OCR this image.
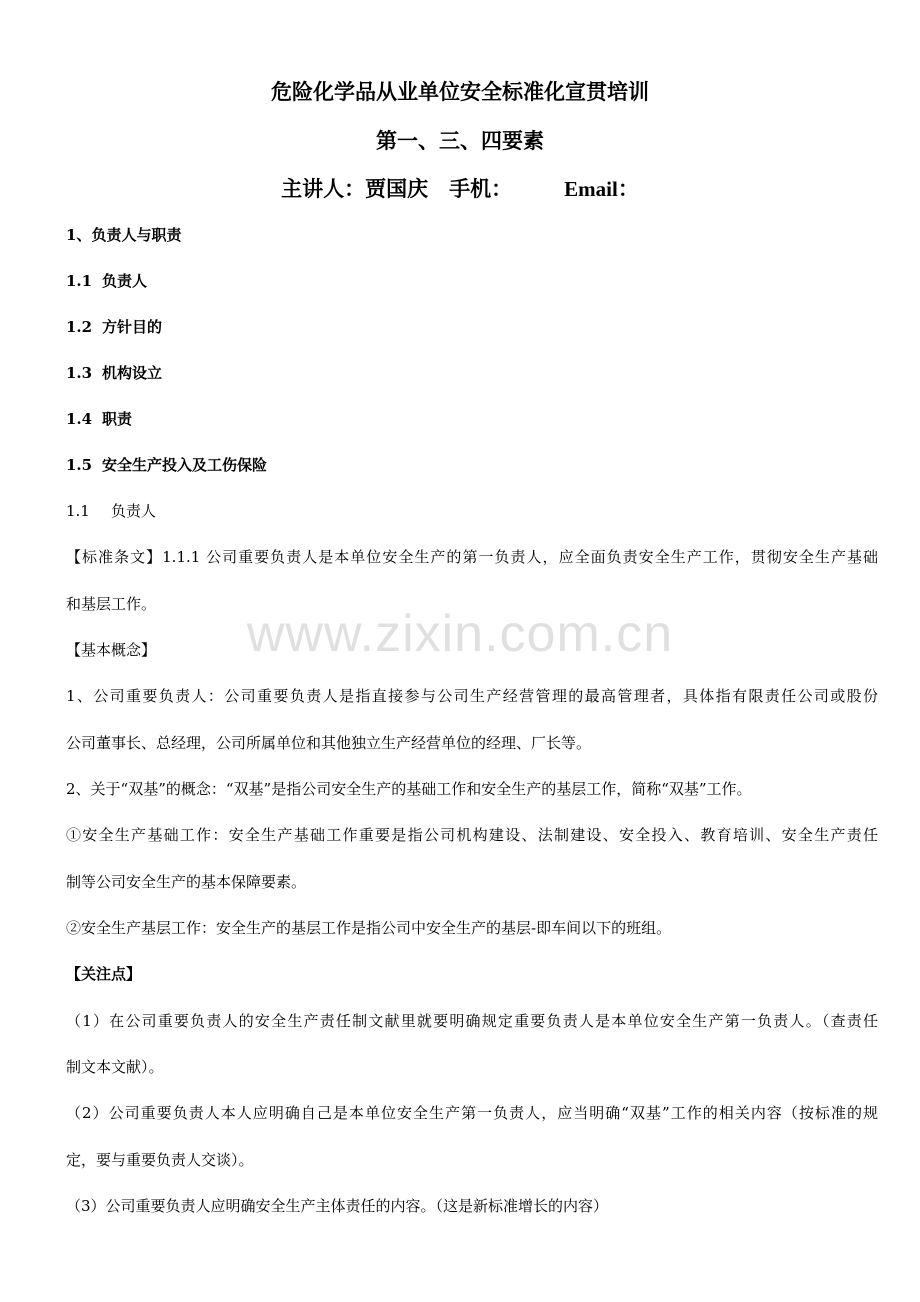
危险化学品从业单位安全标准化宣贯培训
第一、三、四要素
主讲人：贾国庆  手机： Email：
1、负责人与职责
1.1 负责人
1.2 方针目的
1.3 机构设立
1.4 职责
1.5 安全生产投入及工伤保险
1.1 负责人
【标准条文】1.1.1 公司重要负责人是本单位安全生产的第一负责人，应全面负责安全生产工作，贯彻安全生产基础
和基层工作。
www.zixin.com.cn
【基本概念】
1、公司重要负责人：公司重要负责人是指直接参与公司生产经营管理的最高管理者，具体指有限责任公司或股份
公司董事长、总经理，公司所属单位和其他独立生产经营单位的经理、厂长等。
2、关于“双基”的概念：“双基”是指公司安全生产的基础工作和安全生产的基层工作，简称“双基”工作。
①安全生产基础工作：安全生产基础工作重要是指公司机构建设、法制建设、安全投入、教育培训、安全生产责任
制等公司安全生产的基本保障要素。
②安全生产基层工作：安全生产的基层工作是指公司中安全生产的基层-即车间以下的班组。
【关注点】
（1）在公司重要负责人的安全生产责任制文献里就要明确规定重要负责人是本单位安全生产第一负责人。（查责任
制文本文献）。
（2）公司重要负责人本人应明确自己是本单位安全生产第一负责人，应当明确“双基”工作的相关内容（按标准的规
定，要与重要负责人交谈）。
（3）公司重要负责人应明确安全生产主体责任的内容。（这是新标准增长的内容）
